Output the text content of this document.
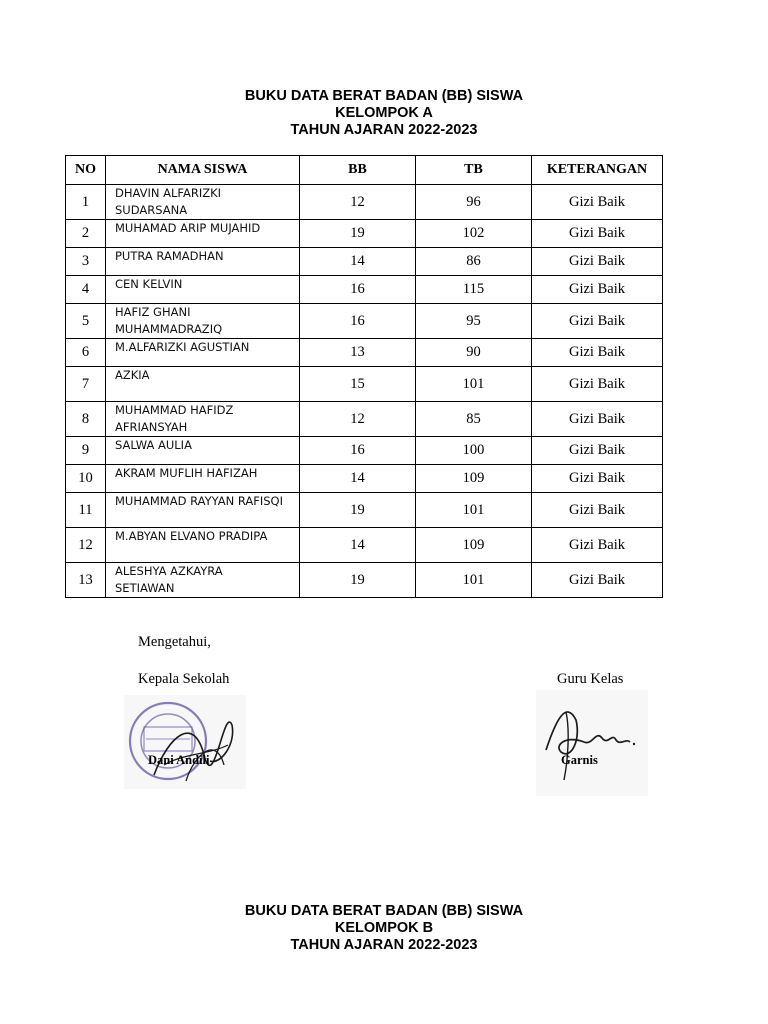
BUKU DATA BERAT BADAN (BB) SISWA
KELOMPOK A
TAHUN AJARAN 2022-2023
NO	NAMA SISWA	BB	TB	KETERANGAN
1	DHAVIN ALFARIZKI SUDARSANA	12	96	Gizi Baik
2	MUHAMAD ARIP MUJAHID	19	102	Gizi Baik
3	PUTRA RAMADHAN	14	86	Gizi Baik
4	CEN KELVIN	16	115	Gizi Baik
5	HAFIZ GHANI MUHAMMADRAZIQ	16	95	Gizi Baik
6	M.ALFARIZKI AGUSTIAN	13	90	Gizi Baik
7	AZKIA	15	101	Gizi Baik
8	MUHAMMAD HAFIDZ AFRIANSYAH	12	85	Gizi Baik
9	SALWA AULIA	16	100	Gizi Baik
10	AKRAM MUFLIH HAFIZAH	14	109	Gizi Baik
11	MUHAMMAD RAYYAN RAFISQI	19	101	Gizi Baik
12	M.ABYAN ELVANO PRADIPA	14	109	Gizi Baik
13	ALESHYA AZKAYRA SETIAWAN	19	101	Gizi Baik
Mengetahui,
Kepala Sekolah	Guru Kelas
Dani Andili	Garnis
BUKU DATA BERAT BADAN (BB) SISWA
KELOMPOK B
TAHUN AJARAN 2022-2023
